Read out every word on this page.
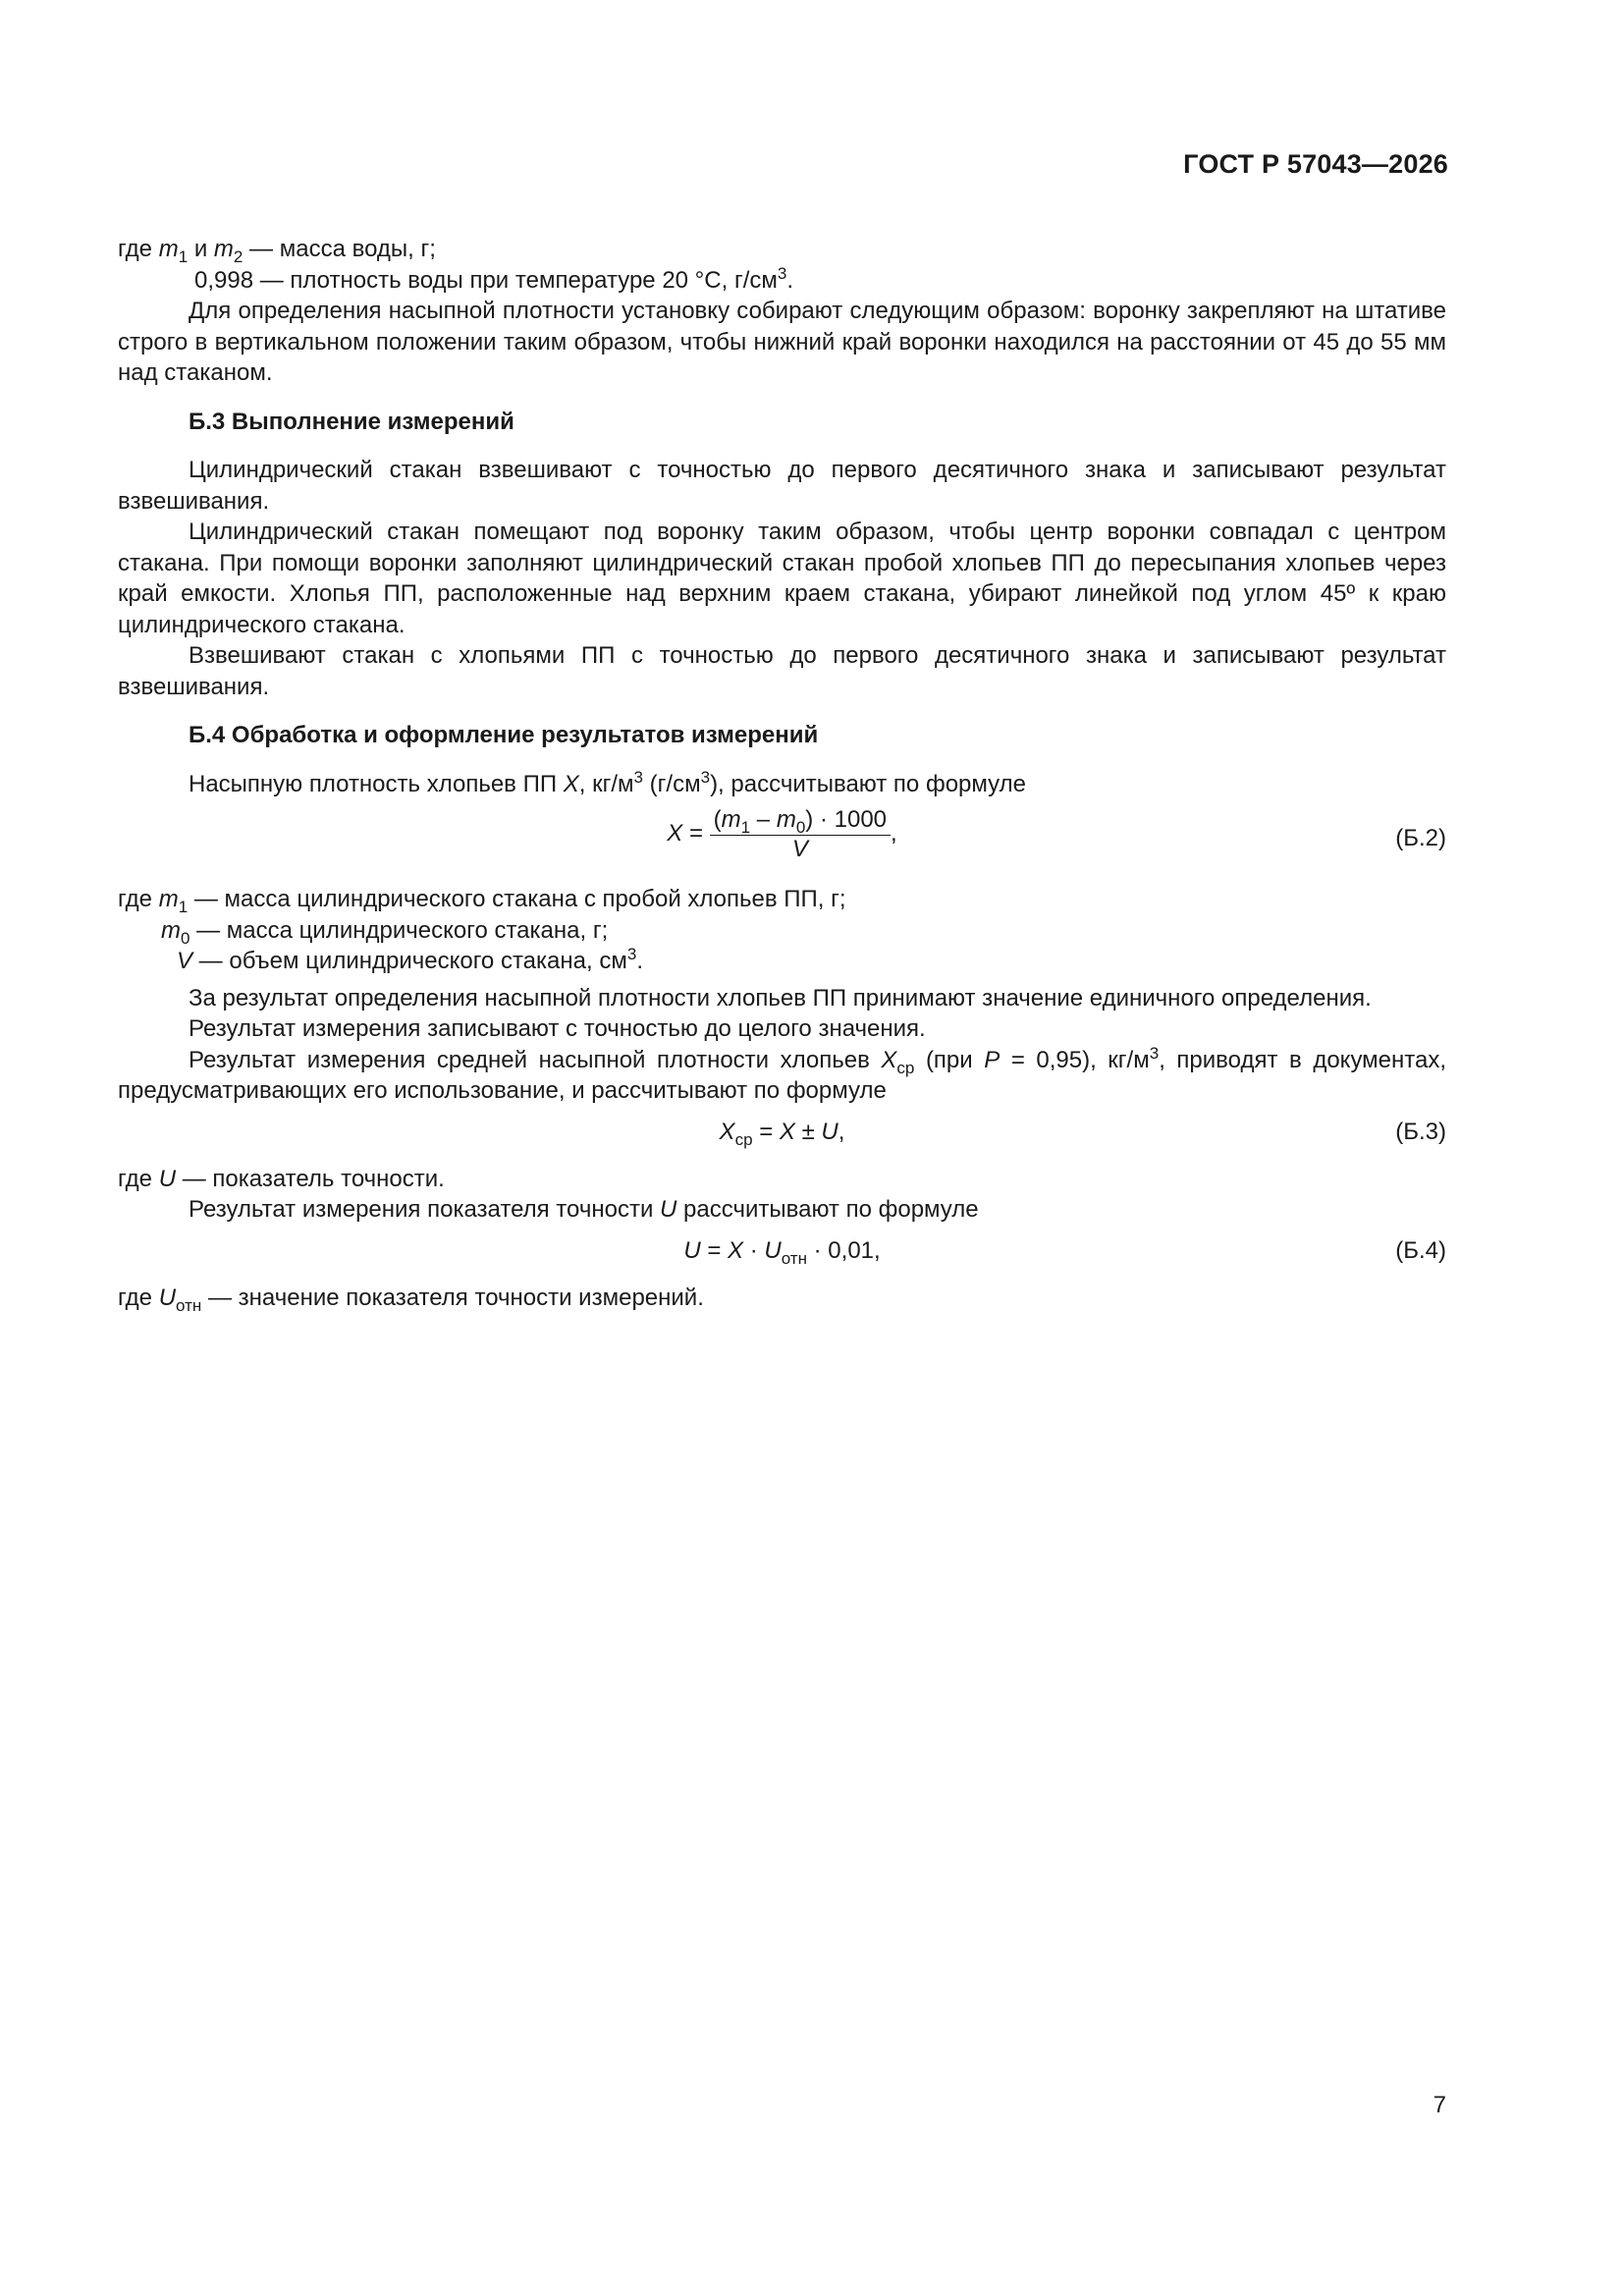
ГОСТ Р 57043—2026

где $m_1$ и $m_2$ — масса воды, г;

0,998 — плотность воды при температуре 20 °С, $г/см^3$.

Для определения насыпной плотности установку собирают следующим образом: воронку закрепляют на штативе строго в вертикальном положении таким образом, чтобы нижний край воронки находился на расстоянии от 45 до 55 мм над стаканом.

Б.3 Выполнение измерений

Цилиндрический стакан взвешивают с точностью до первого десятичного знака и записывают результат взвешивания.

Цилиндрический стакан помещают под воронку таким образом, чтобы центр воронки совпадал с центром стакана. При помощи воронки заполняют цилиндрический стакан пробой хлопьев ПП до пересыпания хлопьев через край емкости. Хлопья ПП, расположенные над верхним краем стакана, убирают линейкой под углом 45º к краю цилиндрического стакана.

Взвешивают стакан с хлопьями ПП с точностью до первого десятичного знака и записывают результат взвешивания.

Б.4 Обработка и оформление результатов измерений

Насыпную плотность хлопьев ПП X, $кг/м^3$ $(г/см^3)$, рассчитывают по формуле

$X = \frac{(m_1 - m_0) \cdot 1000}{V}$ ,	(Б.2)

где $m_1$ — масса цилиндрического стакана с пробой хлопьев ПП, г;

$m_0$ — масса цилиндрического стакана, г;

V — объем цилиндрического стакана, $см^3$.

За результат определения насыпной плотности хлопьев ПП принимают значение единичного определения.

Результат измерения записывают с точностью до целого значения.

Результат измерения средней насыпной плотности хлопьев $X_{ср}$ (при P = 0,95), $кг/м^3$, приводят в документах, предусматривающих его использование, и рассчитывают по формуле

$X_{ср} = X \pm U$,	(Б.3)

где U — показатель точности.

Результат измерения показателя точности U рассчитывают по формуле

$U = X \cdot U_{отн} \cdot 0,01$,	(Б.4)

где $U_{отн}$ — значение показателя точности измерений.

7
